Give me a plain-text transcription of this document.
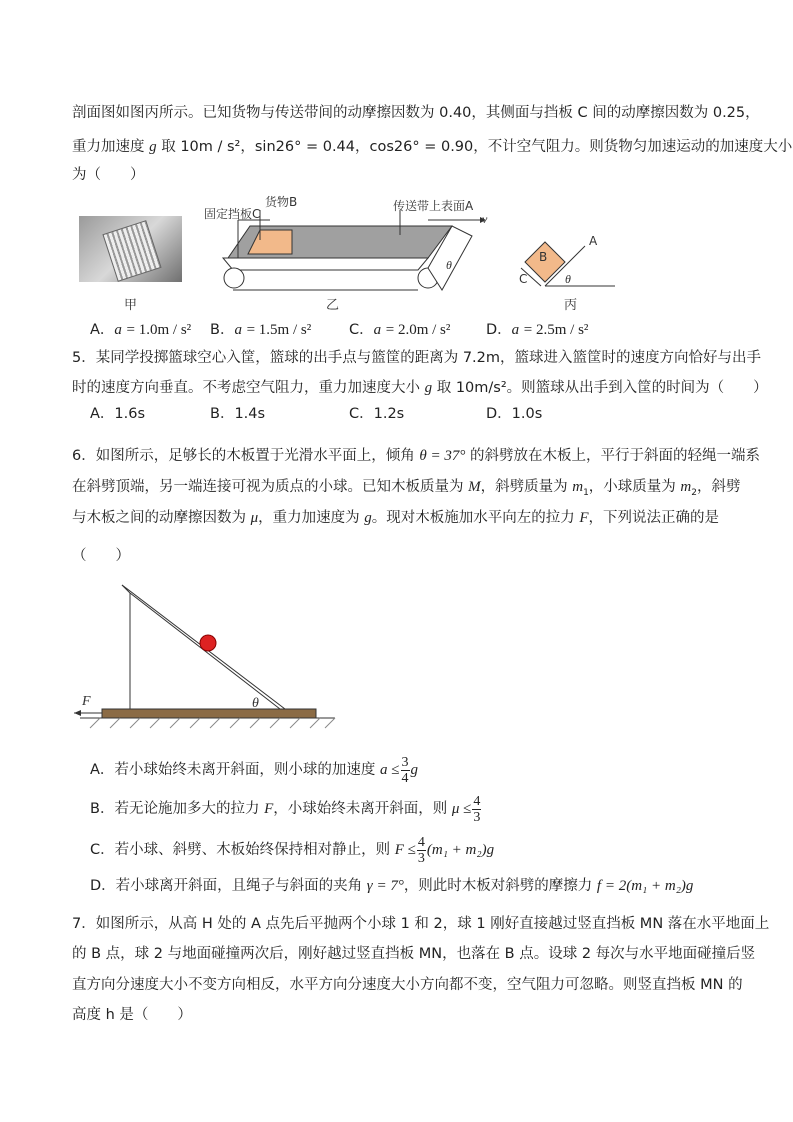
剖面图如图丙所示。已知货物与传送带间的动摩擦因数为 0.40，其侧面与挡板 C 间的动摩擦因数为 0.25，
重力加速度 g 取 10m / s²，sin26° = 0.44，cos26° = 0.90，不计空气阻力。则货物匀加速运动的加速度大小
为（　　）
甲
固定挡板C
货物B	传送带上表面A
v
θ
乙
B
A
C	θ
丙
A．a = 1.0m / s² B．a = 1.5m / s²	C．a = 2.0m / s² D．a = 2.5m / s²
5．某同学投掷篮球空心入筐，篮球的出手点与篮筐的距离为 7.2m，篮球进入篮筐时的速度方向恰好与出手
时的速度方向垂直。不考虑空气阻力，重力加速度大小 g 取 10m/s²。则篮球从出手到入筐的时间为（　　）
A．1.6s	B．1.4s	C．1.2s	D．1.0s
6．如图所示，足够长的木板置于光滑水平面上，倾角 θ = 37° 的斜劈放在木板上，平行于斜面的轻绳一端系
在斜劈顶端，另一端连接可视为质点的小球。已知木板质量为 M，斜劈质量为 $m_1$，小球质量为 $m_2$，斜劈
与木板之间的动摩擦因数为 μ，重力加速度为 g。现对木板施加水平向左的拉力 F，下列说法正确的是
（　　）
F	θ
A．若小球始终未离开斜面，则小球的加速度 $a \le \frac{3}{4}$ g
B．若无论施加多大的拉力 F，小球始终未离开斜面，则 $\mu \le \frac{4}{3}$
C．若小球、斜劈、木板始终保持相对静止，则 $F \le \frac{4}{3} (m_1 + m_2)g$
D．若小球离开斜面，且绳子与斜面的夹角 γ = 7°，则此时木板对斜劈的摩擦力 f = 2(m₁ + m₂)g
7．如图所示，从高 H 处的 A 点先后平抛两个小球 1 和 2，球 1 刚好直接越过竖直挡板 MN 落在水平地面上
的 B 点，球 2 与地面碰撞两次后，刚好越过竖直挡板 MN，也落在 B 点。设球 2 每次与水平地面碰撞后竖
直方向分速度大小不变方向相反，水平方向分速度大小方向都不变，空气阻力可忽略。则竖直挡板 MN 的
高度 h 是（　　）
